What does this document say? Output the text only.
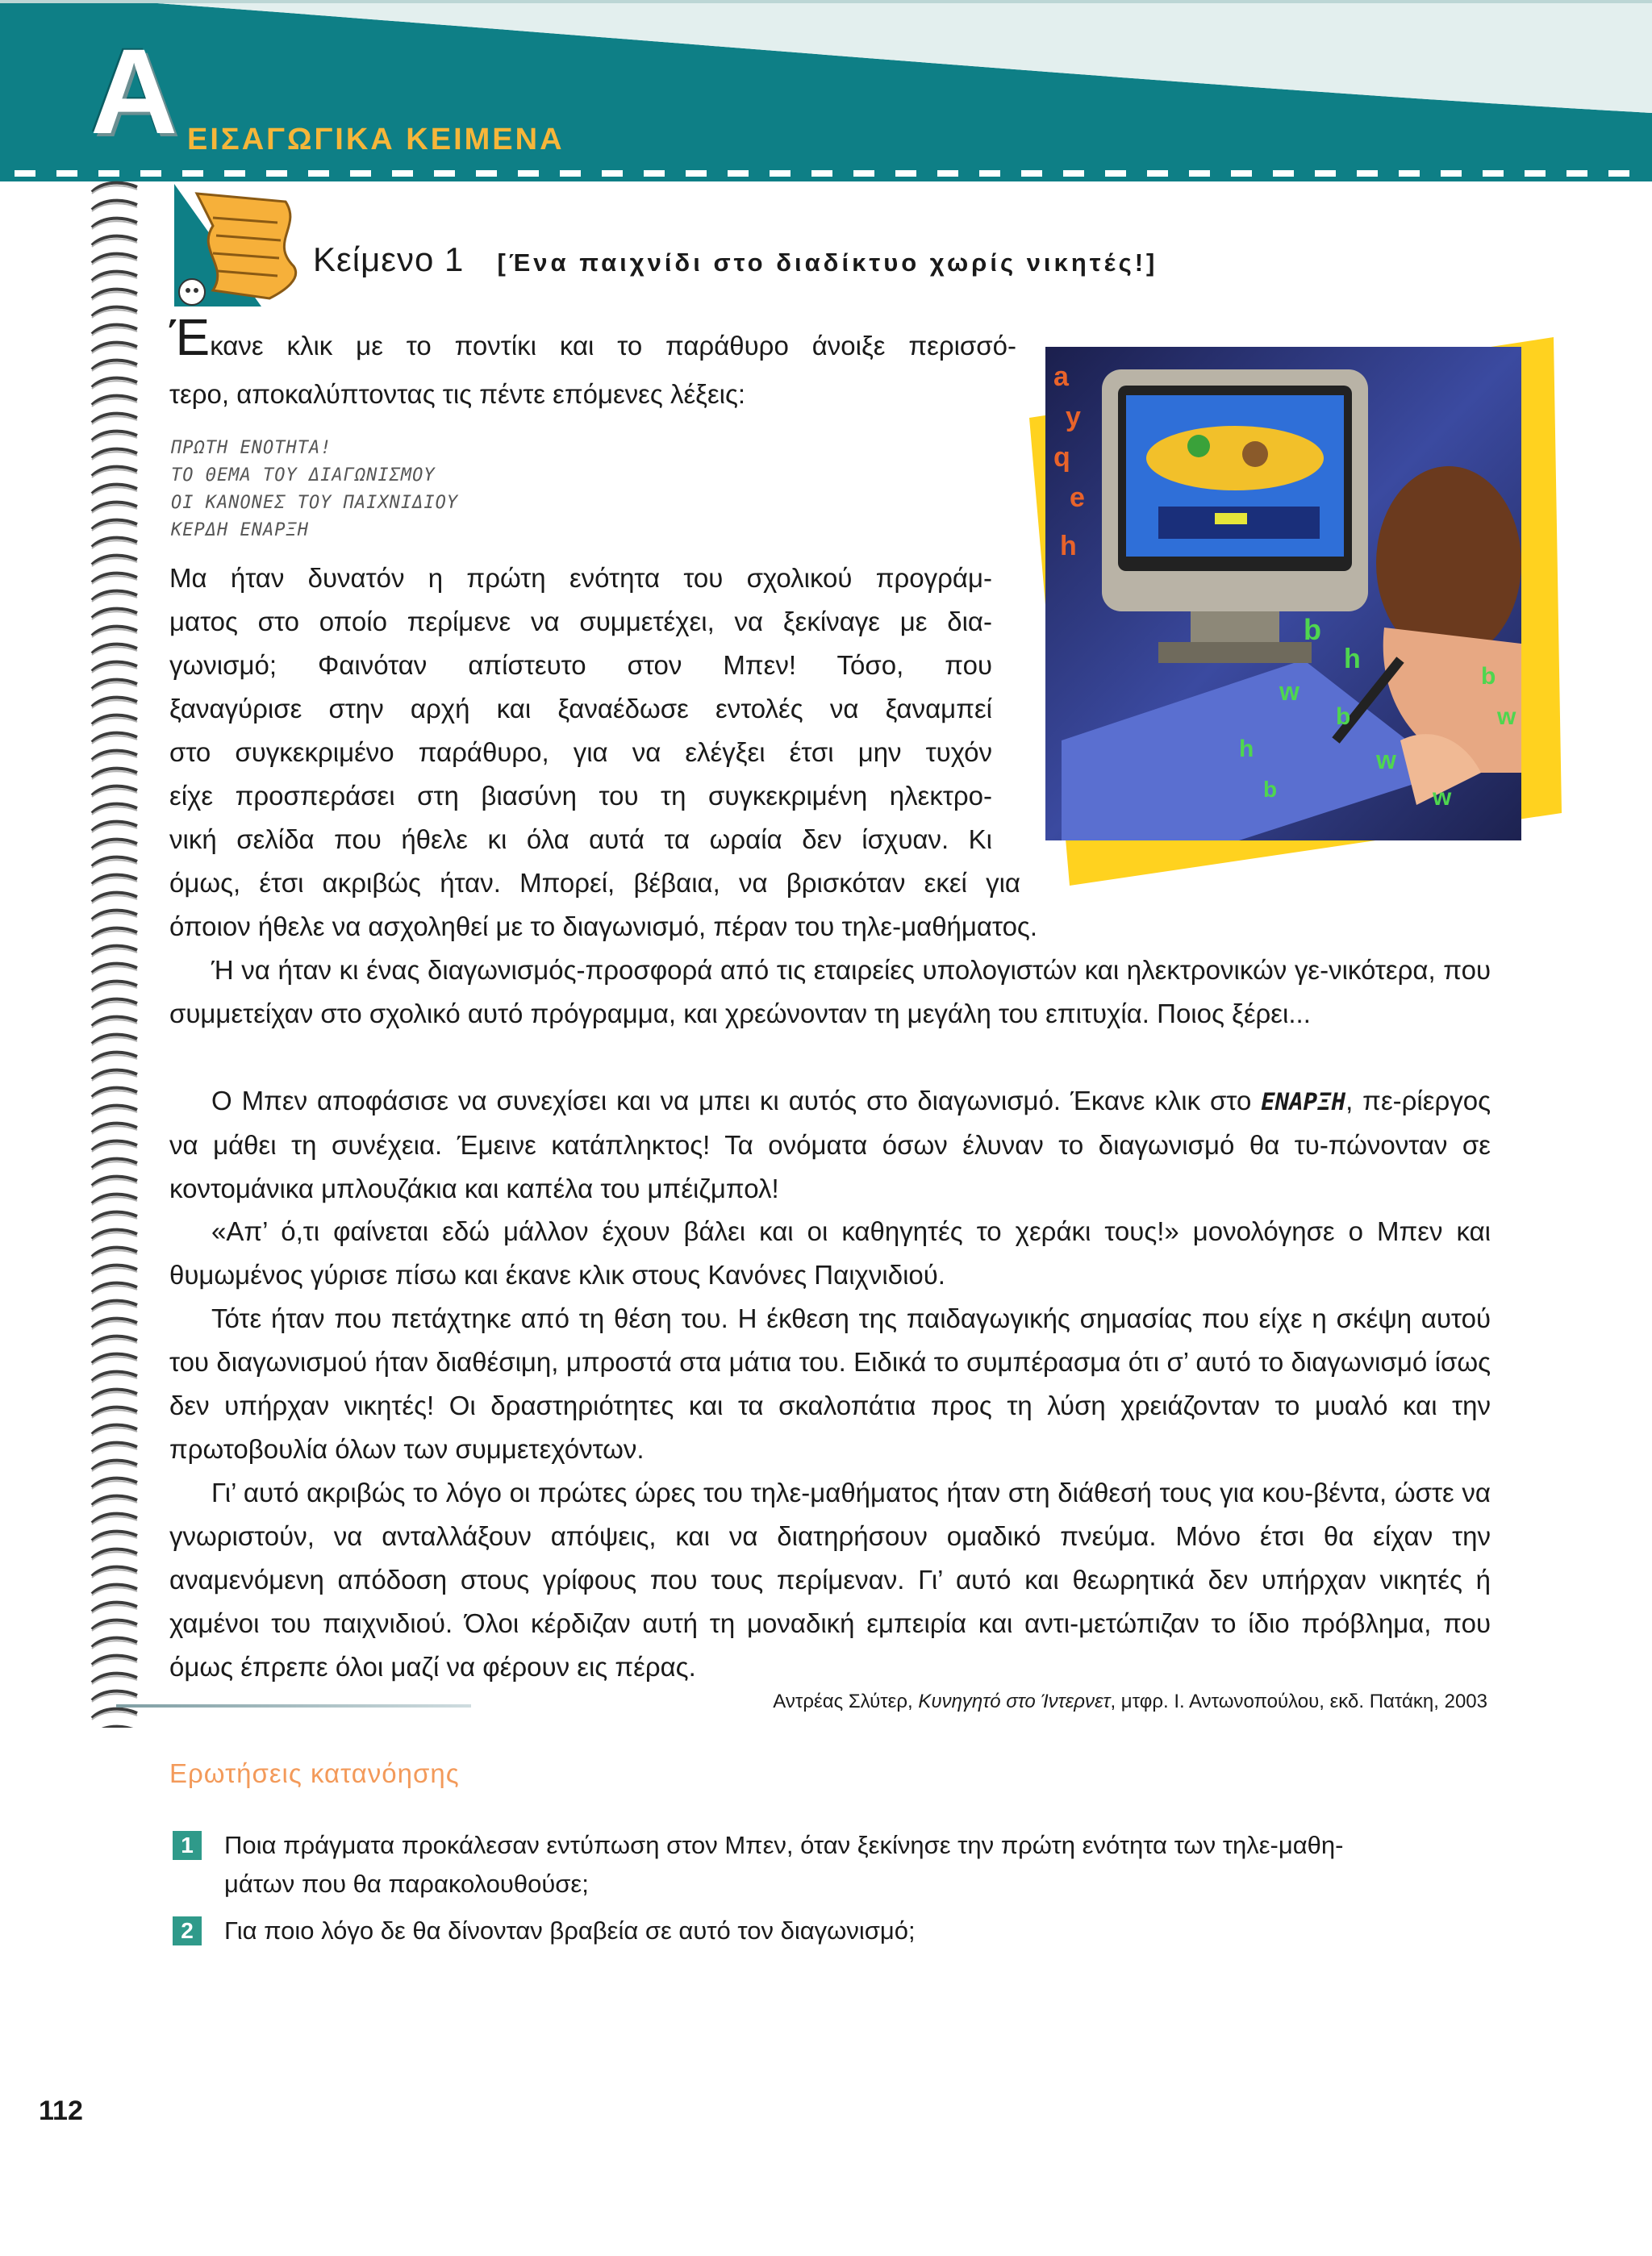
Α ΕΙΣΑΓΩΓΙΚΑ ΚΕΙΜΕΝΑ
Κείμενο 1 [Ένα παιχνίδι στο διαδίκτυο χωρίς νικητές!]
Έκανε κλικ με το ποντίκι και το παράθυρο άνοιξε περισσό-
τερο, αποκαλύπτοντας τις πέντε επόμενες λέξεις:
ΠΡΩΤΗ ΕΝΟΤΗΤΑ!
ΤΟ ΘΕΜΑ ΤΟΥ ΔΙΑΓΩΝΙΣΜΟΥ
ΟΙ ΚΑΝΟΝΕΣ ΤΟΥ ΠΑΙΧΝΙΔΙΟΥ
ΚΕΡΔΗ ΕΝΑΡΞΗ
Μα ήταν δυνατόν η πρώτη ενότητα του σχολικού προγράμ-
ματος στο οποίο περίμενε να συμμετέχει, να ξεκίναγε με δια-
γωνισμό; Φαινόταν απίστευτο στον Μπεν! Τόσο, που
ξαναγύρισε στην αρχή και ξαναέδωσε εντολές να ξαναμπεί
στο συγκεκριμένο παράθυρο, για να ελέγξει έτσι μην τυχόν
είχε προσπεράσει στη βιασύνη του τη συγκεκριμένη ηλεκτρο-
νική σελίδα που ήθελε κι όλα αυτά τα ωραία δεν ίσχυαν. Κι
όμως, έτσι ακριβώς ήταν. Μπορεί, βέβαια, να βρισκόταν εκεί για
όποιον ήθελε να ασχοληθεί με το διαγωνισμό, πέραν του τηλε-μαθήματος.
b
h
w
b
w
b
w
h
b	w
a
y
q
e
h
Ή να ήταν κι ένας διαγωνισμός-προσφορά από τις εταιρείες υπολογιστών και ηλεκτρονικών γε-νικότερα, που συμμετείχαν στο σχολικό αυτό πρόγραμμα, και χρεώνονταν τη μεγάλη του επιτυχία. Ποιος ξέρει...
Ο Μπεν αποφάσισε να συνεχίσει και να μπει κι αυτός στο διαγωνισμό. Έκανε κλικ στο ΕΝΑΡΞΗ, πε-ρίεργος να μάθει τη συνέχεια. Έμεινε κατάπληκτος! Τα ονόματα όσων έλυναν το διαγωνισμό θα τυ-πώνονταν σε κοντομάνικα μπλουζάκια και καπέλα του μπέιζμπολ!
«Απ’ ό,τι φαίνεται εδώ μάλλον έχουν βάλει και οι καθηγητές το χεράκι τους!» μονολόγησε ο Μπεν και θυμωμένος γύρισε πίσω και έκανε κλικ στους Κανόνες Παιχνιδιού.
Τότε ήταν που πετάχτηκε από τη θέση του. Η έκθεση της παιδαγωγικής σημασίας που είχε η σκέψη αυτού του διαγωνισμού ήταν διαθέσιμη, μπροστά στα μάτια του. Ειδικά το συμπέρασμα ότι σ’ αυτό το διαγωνισμό ίσως δεν υπήρχαν νικητές! Οι δραστηριότητες και τα σκαλοπάτια προς τη λύση χρειάζονταν το μυαλό και την πρωτοβουλία όλων των συμμετεχόντων.
Γι’ αυτό ακριβώς το λόγο οι πρώτες ώρες του τηλε-μαθήματος ήταν στη διάθεσή τους για κου-βέντα, ώστε να γνωριστούν, να ανταλλάξουν απόψεις, και να διατηρήσουν ομαδικό πνεύμα. Μόνο έτσι θα είχαν την αναμενόμενη απόδοση στους γρίφους που τους περίμεναν. Γι’ αυτό και θεωρητικά δεν υπήρχαν νικητές ή χαμένοι του παιχνιδιού. Όλοι κέρδιζαν αυτή τη μοναδική εμπειρία και αντι-μετώπιζαν το ίδιο πρόβλημα, που όμως έπρεπε όλοι μαζί να φέρουν εις πέρας.
Αντρέας Σλύτερ, Κυνηγητό στο Ίντερνετ, μτφρ. Ι. Αντωνοπούλου, εκδ. Πατάκη, 2003
Ερωτήσεις κατανόησης
1	Ποια πράγματα προκάλεσαν εντύπωση στον Μπεν, όταν ξεκίνησε την πρώτη ενότητα των τηλε-μαθη-
μάτων που θα παρακολουθούσε;
2	Για ποιο λόγο δε θα δίνονταν βραβεία σε αυτό τον διαγωνισμό;
112
